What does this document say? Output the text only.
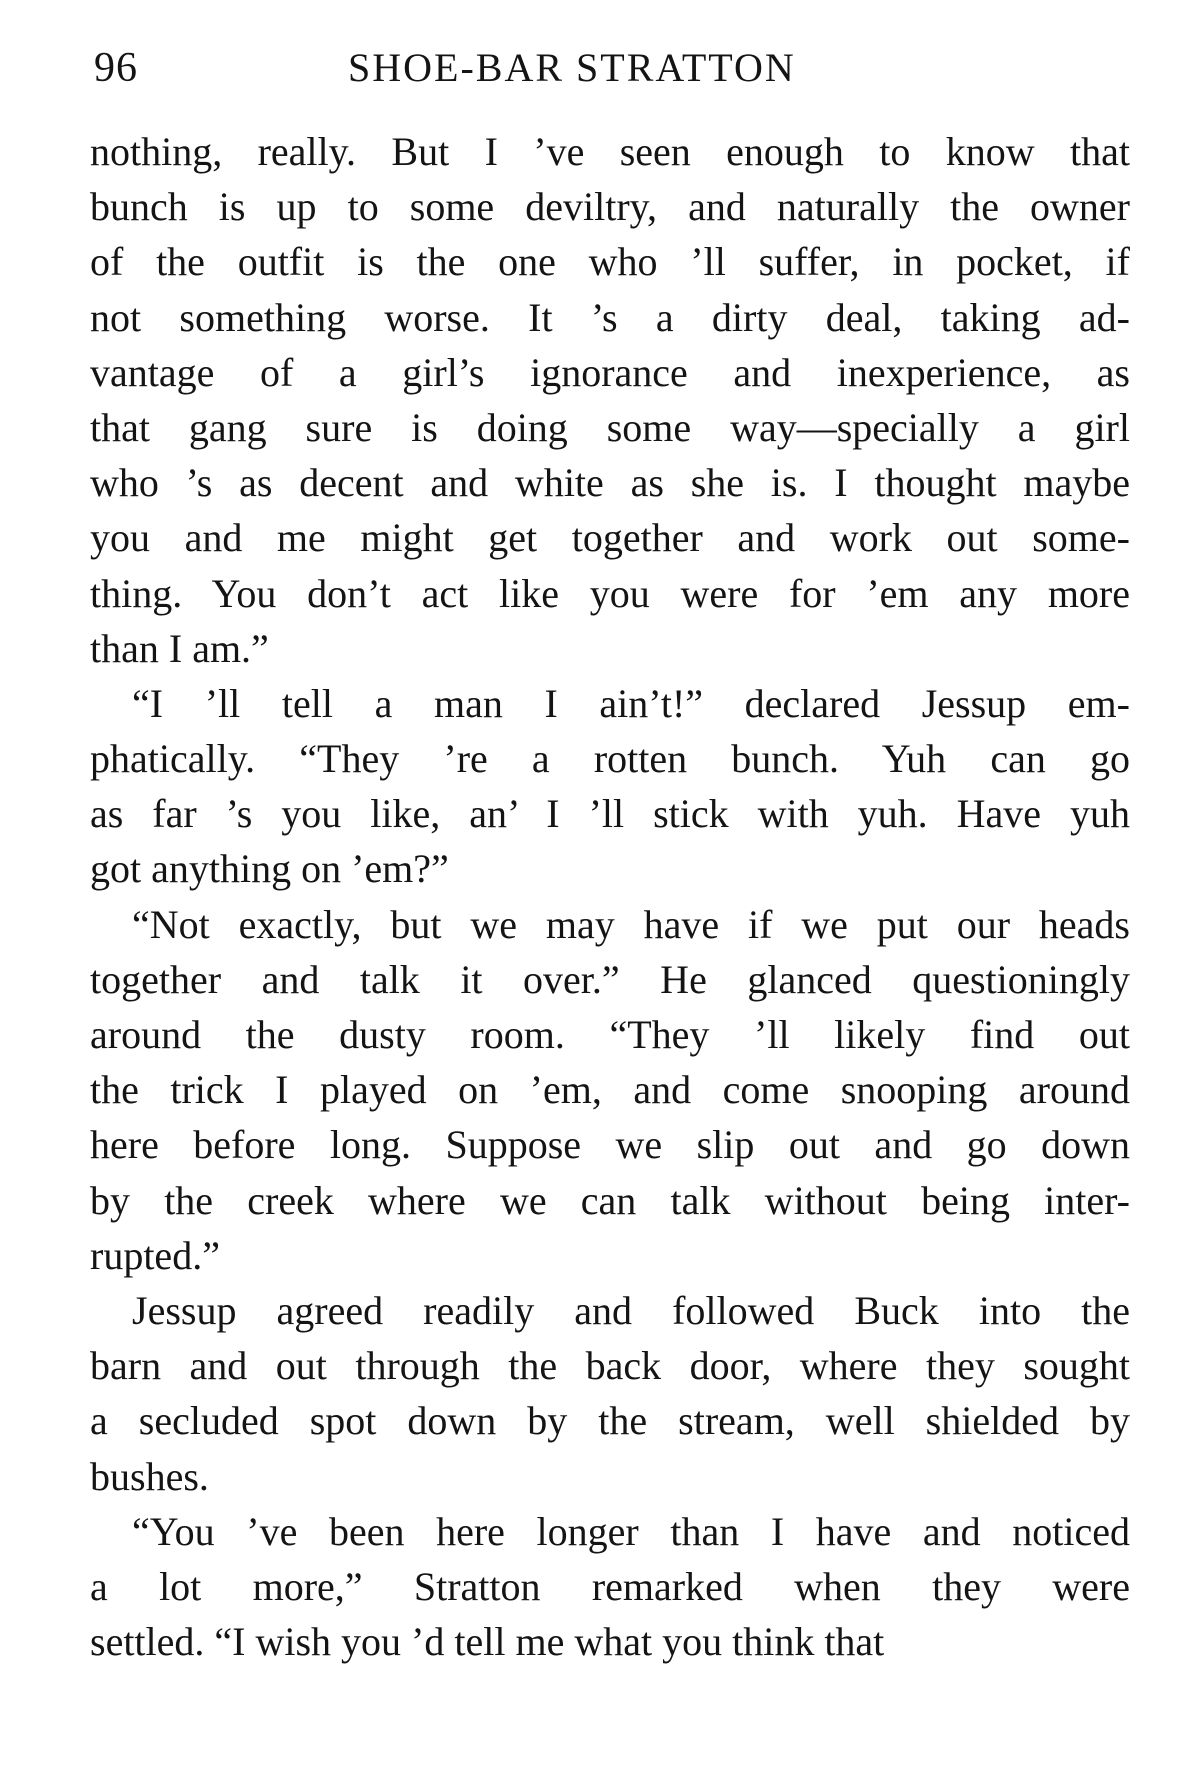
96	SHOE-BAR STRATTON
nothing, really. But I ’ve seen enough to know that
bunch is up to some deviltry, and naturally the owner
of the outfit is the one who ’ll suffer, in pocket, if
not something worse. It ’s a dirty deal, taking ad-
vantage of a girl’s ignorance and inexperience, as
that gang sure is doing some way—specially a girl
who ’s as decent and white as she is. I thought maybe
you and me might get together and work out some-
thing. You don’t act like you were for ’em any more
than I am.”
“I ’ll tell a man I ain’t!” declared Jessup em-
phatically. “They ’re a rotten bunch. Yuh can go
as far ’s you like, an’ I ’ll stick with yuh. Have yuh
got anything on ’em?”
“Not exactly, but we may have if we put our heads
together and talk it over.” He glanced questioningly
around the dusty room. “They ’ll likely find out
the trick I played on ’em, and come snooping around
here before long. Suppose we slip out and go down
by the creek where we can talk without being inter-
rupted.”
Jessup agreed readily and followed Buck into the
barn and out through the back door, where they sought
a secluded spot down by the stream, well shielded by
bushes.
“You ’ve been here longer than I have and noticed
a lot more,” Stratton remarked when they were
settled. “I wish you ’d tell me what you think that
